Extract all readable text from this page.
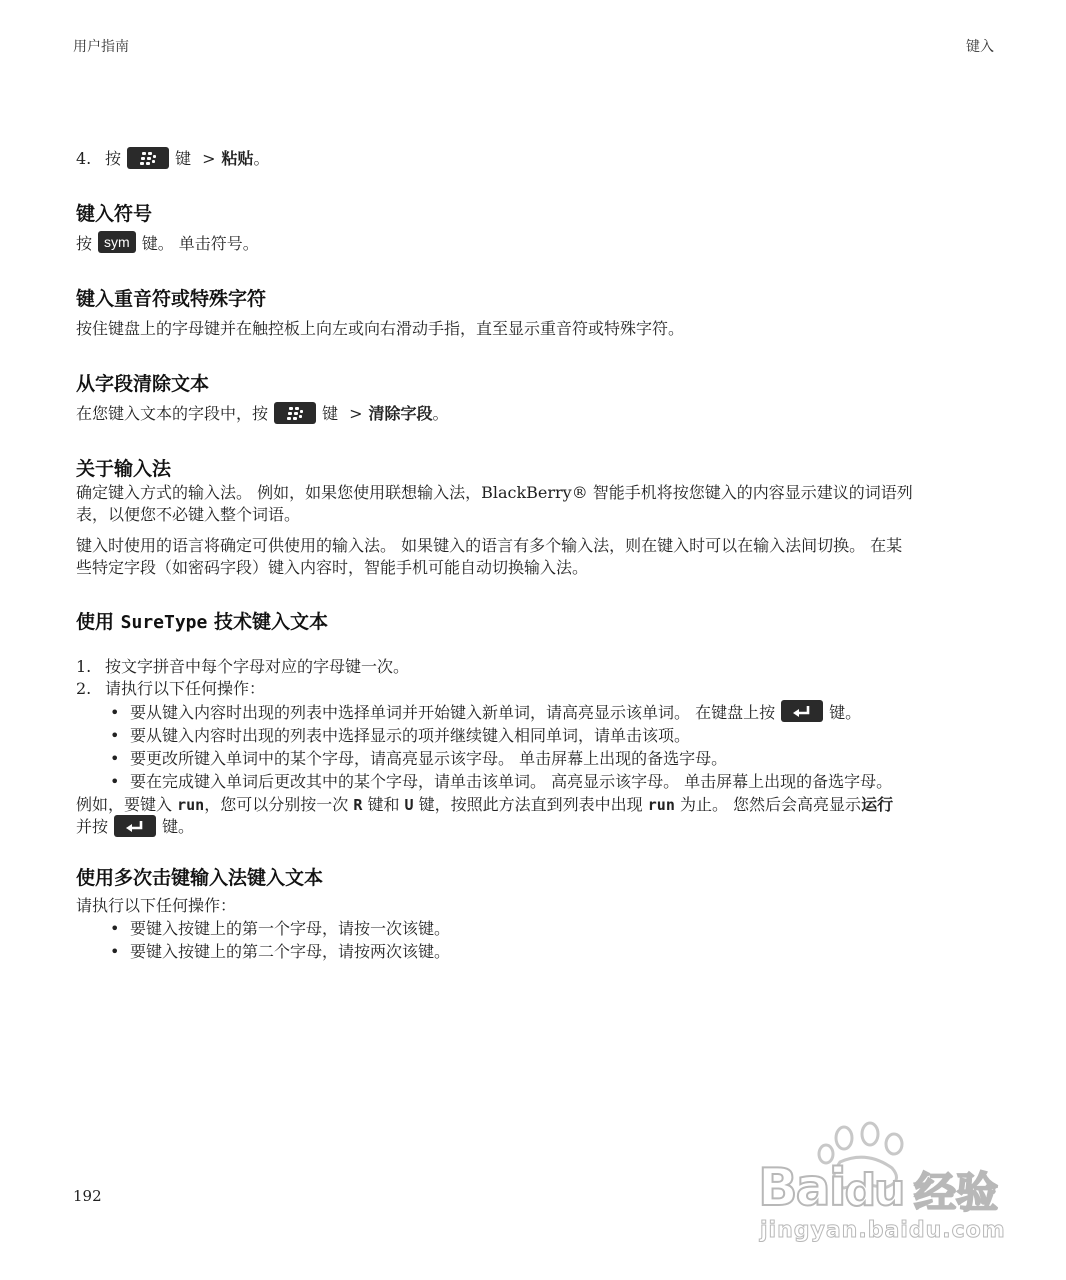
用户指南	键入
4. 按	键 > 粘贴。
键入符号
按 sym 键。 单击符号。
键入重音符或特殊字符
按住键盘上的字母键并在触控板上向左或向右滑动手指，直至显示重音符或特殊字符。
从字段清除文本
在您键入文本的字段中，按	键 > 清除字段。
关于输入法
确定键入方式的输入法。 例如，如果您使用联想输入法，BlackBerry® 智能手机将按您键入的内容显示建议的词语列
表，以便您不必键入整个词语。
键入时使用的语言将确定可供使用的输入法。 如果键入的语言有多个输入法，则在键入时可以在输入法间切换。 在某
些特定字段（如密码字段）键入内容时，智能手机可能自动切换输入法。
使用 SureType 技术键入文本
1. 按文字拼音中每个字母对应的字母键一次。
2. 请执行以下任何操作：
• 要从键入内容时出现的列表中选择单词并开始键入新单词，请高亮显示该单词。 在键盘上按	键。
• 要从键入内容时出现的列表中选择显示的项并继续键入相同单词，请单击该项。
• 要更改所键入单词中的某个字母，请高亮显示该字母。 单击屏幕上出现的备选字母。
• 要在完成键入单词后更改其中的某个字母，请单击该单词。 高亮显示该字母。 单击屏幕上出现的备选字母。
例如，要键入 run，您可以分别按一次 R 键和 U 键，按照此方法直到列表中出现 run 为止。 您然后会高亮显示运行
并按	键。
使用多次击键输入法键入文本
请执行以下任何操作：
• 要键入按键上的第一个字母，请按一次该键。
• 要键入按键上的第二个字母，请按两次该键。
192	Baidu 经验
jingyan.baidu.com
